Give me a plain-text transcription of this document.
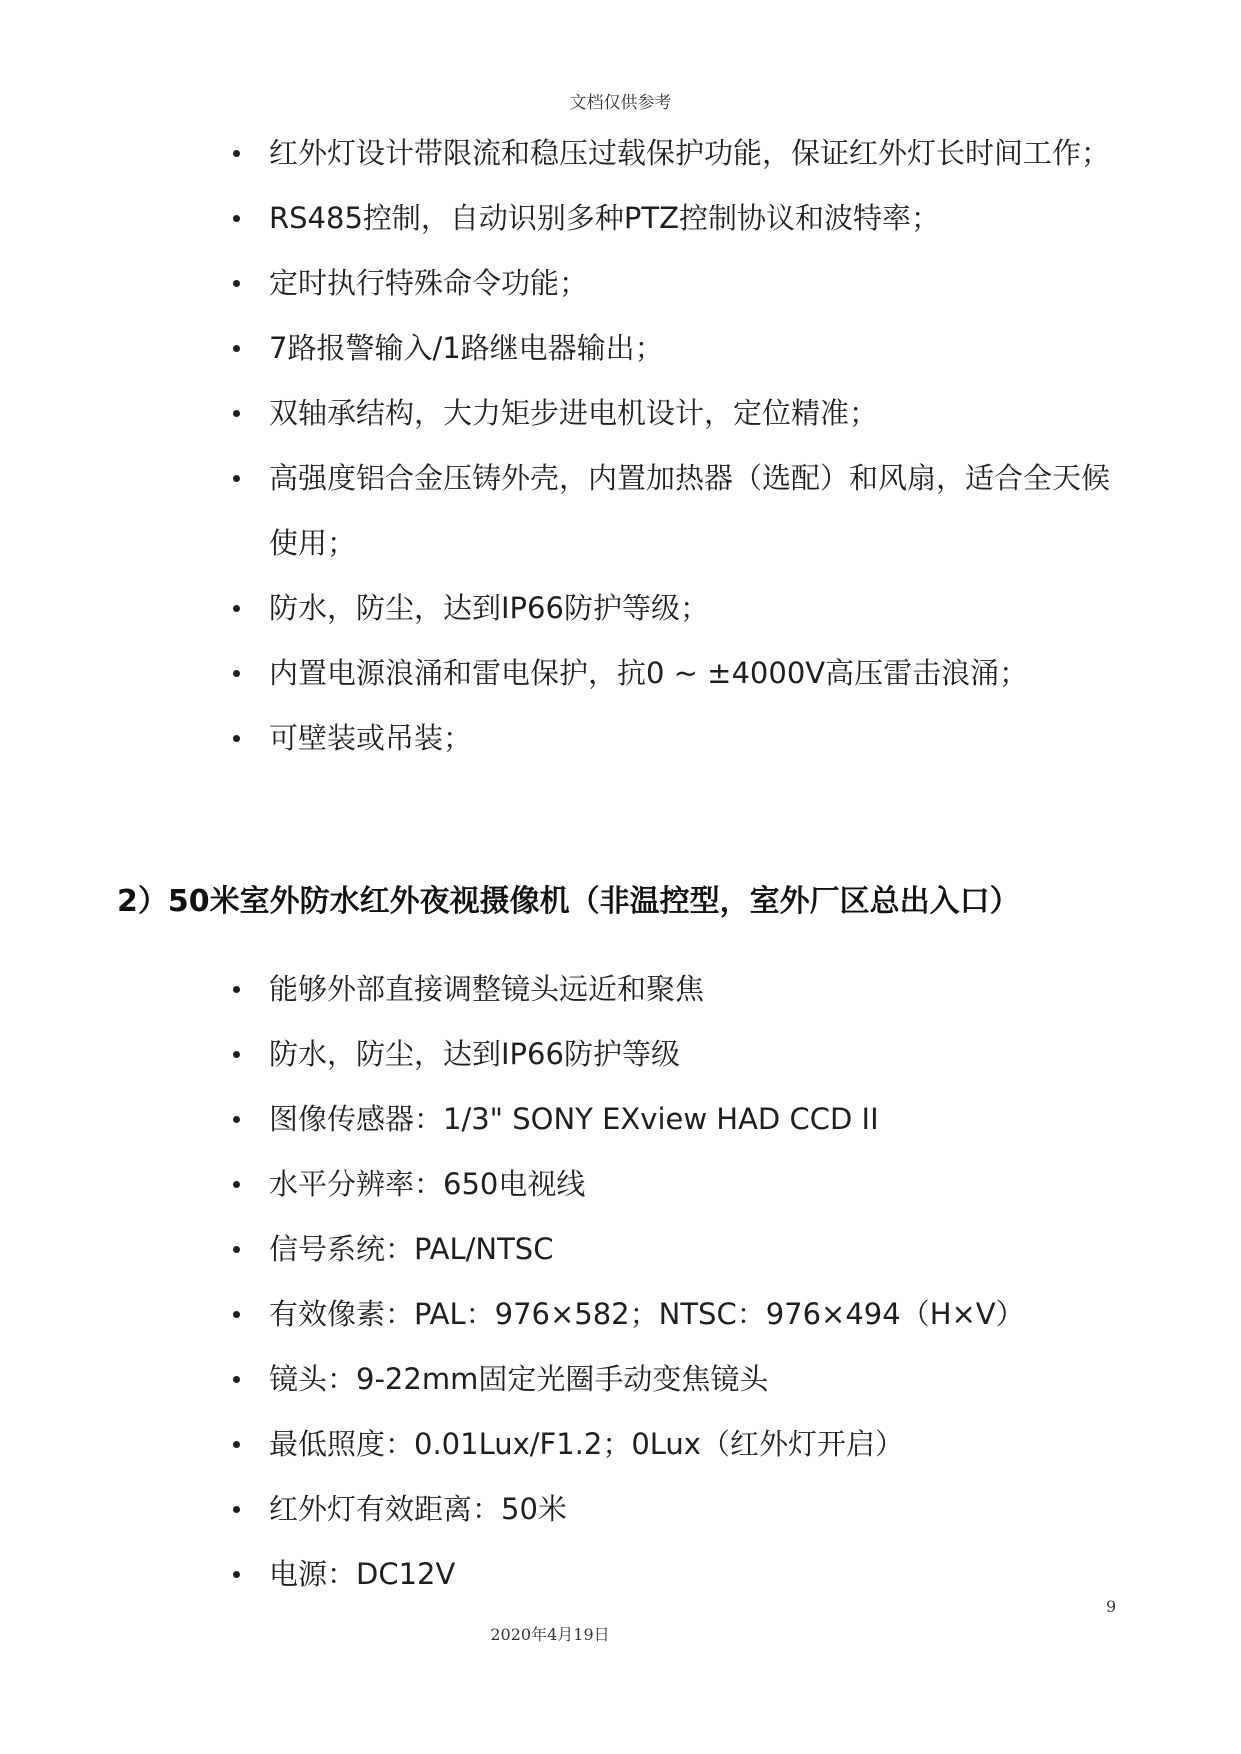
文档仅供参考
红外灯设计带限流和稳压过载保护功能，保证红外灯长时间工作；
RS485控制，自动识别多种PTZ控制协议和波特率；
定时执行特殊命令功能；
7路报警输入/1路继电器输出；
双轴承结构，大力矩步进电机设计，定位精准；
高强度铝合金压铸外壳，内置加热器（选配）和风扇，适合全天候使用；
防水，防尘，达到IP66防护等级；
内置电源浪涌和雷电保护，抗0 ~ ±4000V高压雷击浪涌；
可壁装或吊装；
2）50米室外防水红外夜视摄像机（非温控型，室外厂区总出入口）
能够外部直接调整镜头远近和聚焦
防水，防尘，达到IP66防护等级
图像传感器：1/3" SONY EXview HAD CCD II
水平分辨率：650电视线
信号系统：PAL/NTSC
有效像素：PAL：976×582；NTSC：976×494（H×V）
镜头：9-22mm固定光圈手动变焦镜头
最低照度：0.01Lux/F1.2；0Lux（红外灯开启）
红外灯有效距离：50米
电源：DC12V
9
2020年4月19日
